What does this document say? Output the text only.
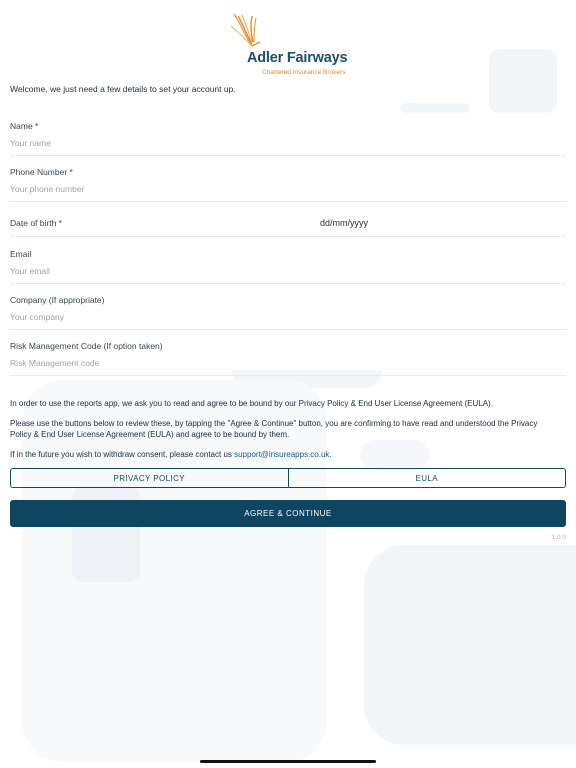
Adler Fairways
Chartered Insurance Brokers
Welcome, we just need a few details to set your account up.
Name *
Your name
Phone Number *
Your phone number
Date of birth *	dd/mm/yyyy
Email
Your email
Company (If appropriate)
Your company
Risk Management Code (If option taken)
Risk Management code
In order to use the reports app, we ask you to read and agree to be bound by our Privacy Policy & End User License Agreement (EULA).
Please use the buttons below to review these, by tapping the "Agree & Continue" button, you are confirming to have read and understood the Privacy Policy & End User License Agreement (EULA) and agree to be bound by them.
If in the future you wish to withdraw consent, please contact us support@insureapps.co.uk.
PRIVACY POLICY	EULA
AGREE & CONTINUE
1.0.0
